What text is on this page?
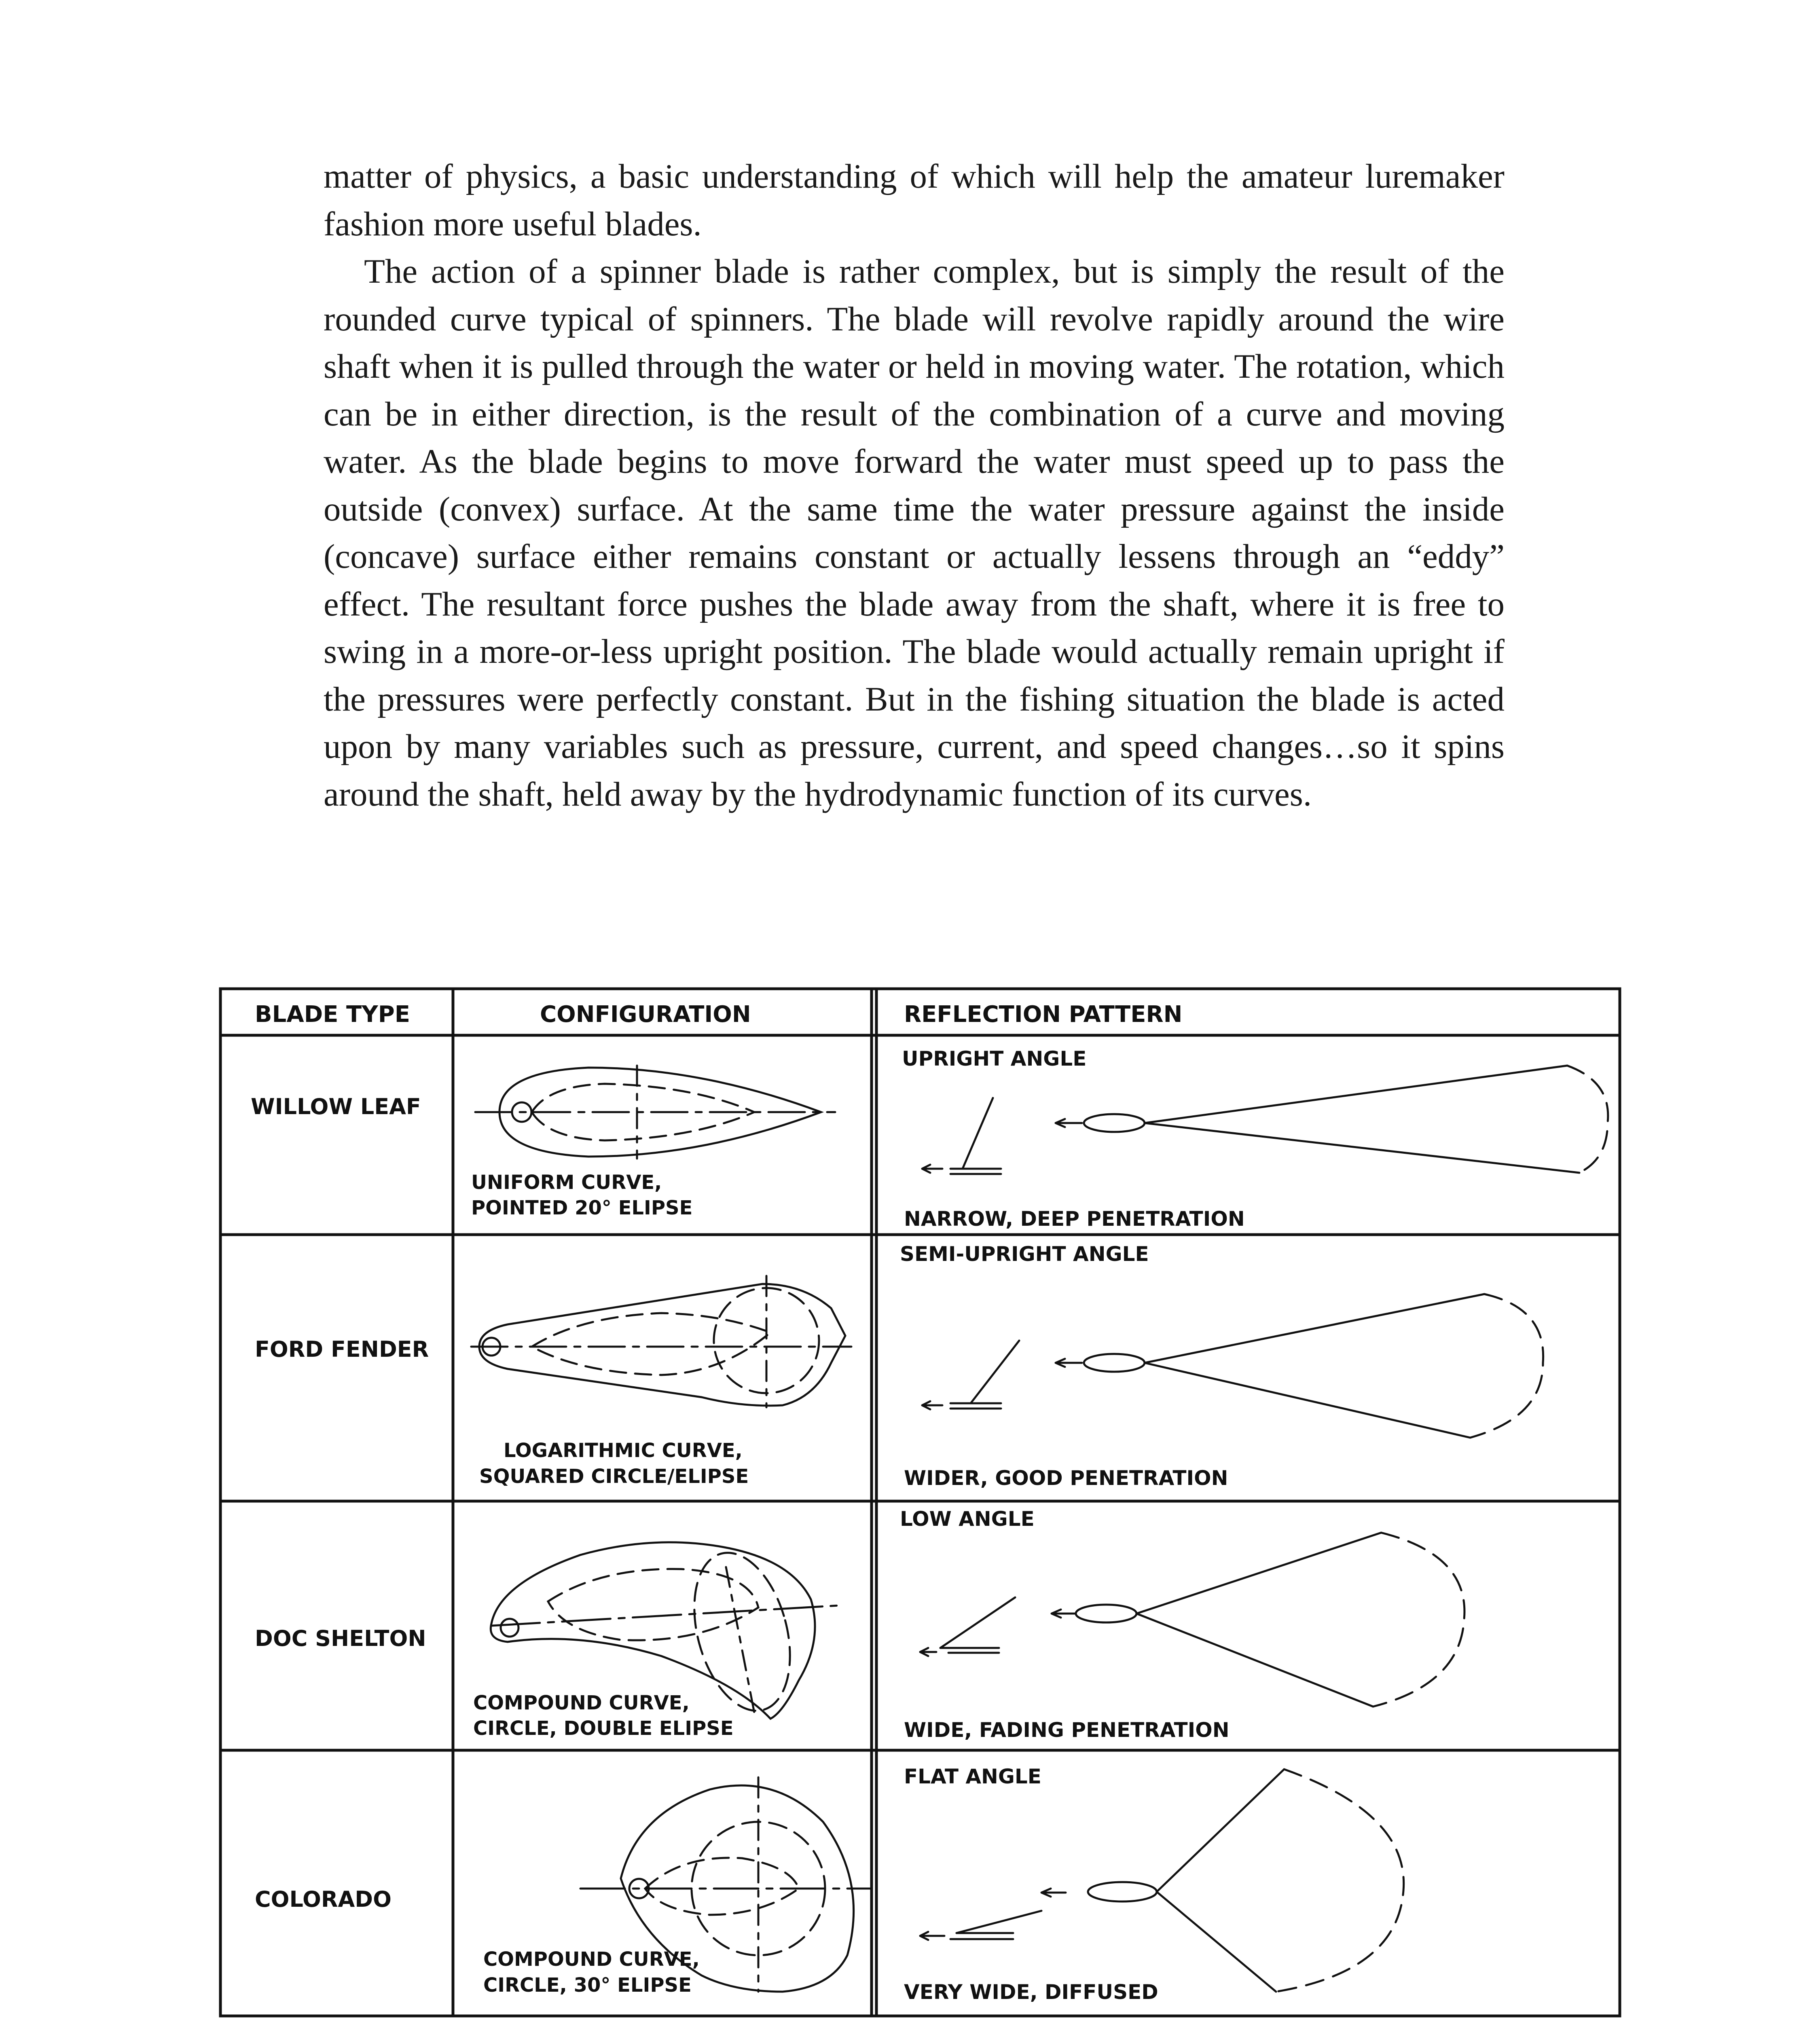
matter of physics, a basic understanding of which will help the amateur luremaker fashion more useful blades.

The action of a spinner blade is rather complex, but is simply the result of the rounded curve typical of spinners. The blade will revolve rapidly around the wire shaft when it is pulled through the water or held in moving water. The rotation, which can be in either direction, is the result of the combination of a curve and moving water. As the blade begins to move forward the water must speed up to pass the outside (convex) surface. At the same time the water pressure against the inside (concave) surface either remains constant or actually lessens through an “eddy” effect. The resultant force pushes the blade away from the shaft, where it is free to swing in a more-or-less upright position. The blade would actually remain upright if the pressures were perfectly constant. But in the fishing situation the blade is acted upon by many variables such as pressure, current, and speed changes…so it spins around the shaft, held away by the hydrodynamic function of its curves.

BLADE TYPE	CONFIGURATION	REFLECTION PATTERN
WILLOW LEAF
UNIFORM CURVE,
POINTED 20° ELIPSE
UPRIGHT ANGLE
NARROW, DEEP PENETRATION
FORD FENDER
LOGARITHMIC CURVE,
SQUARED CIRCLE/ELIPSE
SEMI-UPRIGHT ANGLE
WIDER, GOOD PENETRATION
DOC SHELTON
COMPOUND CURVE,
CIRCLE, DOUBLE ELIPSE
LOW ANGLE
WIDE, FADING PENETRATION
COLORADO
COMPOUND CURVE,
CIRCLE, 30° ELIPSE
FLAT ANGLE
VERY WIDE, DIFFUSED
